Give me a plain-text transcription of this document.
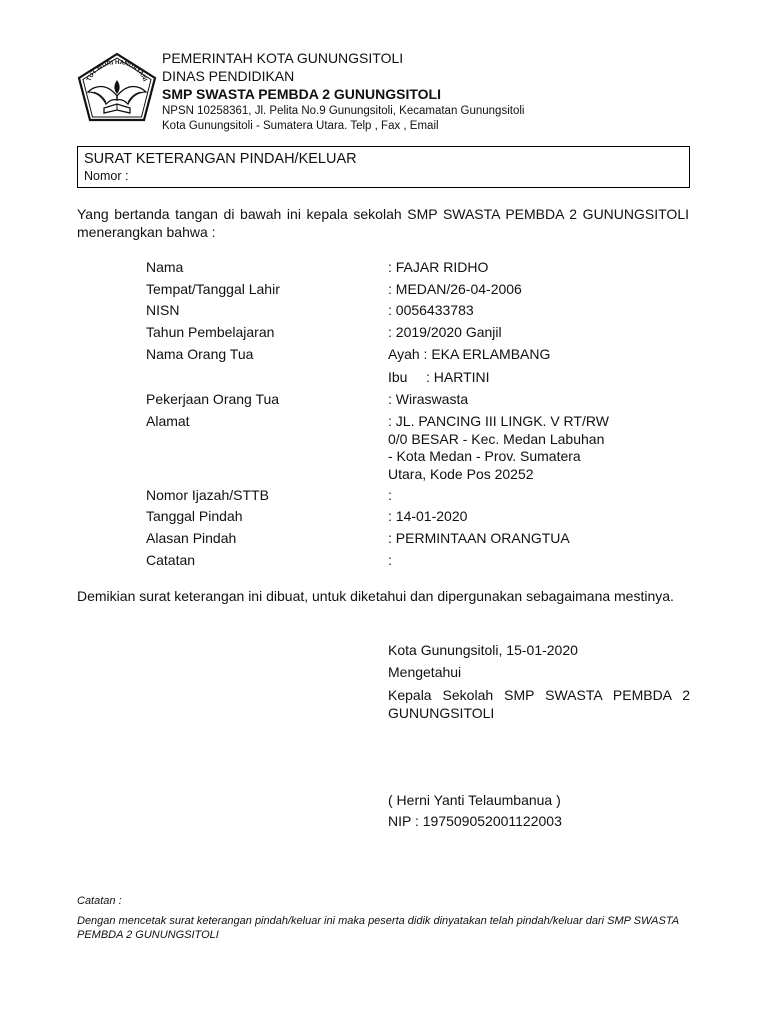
TUT WURI HANDAYANI
PEMERINTAH KOTA GUNUNGSITOLI
DINAS PENDIDIKAN
SMP SWASTA PEMBDA 2 GUNUNGSITOLI
NPSN 10258361, Jl. Pelita No.9 Gunungsitoli, Kecamatan Gunungsitoli
Kota Gunungsitoli - Sumatera Utara. Telp , Fax , Email
SURAT KETERANGAN PINDAH/KELUAR
Nomor :
Yang bertanda tangan di bawah ini kepala sekolah SMP SWASTA PEMBDA 2 GUNUNGSITOLI menerangkan bahwa :
Nama	: FAJAR RIDHO
Tempat/Tanggal Lahir	: MEDAN/26-04-2006
NISN	: 0056433783
Tahun Pembelajaran	: 2019/2020 Ganjil
Nama Orang Tua	Ayah : EKA ERLAMBANG
Ibu : HARTINI
Pekerjaan Orang Tua	: Wiraswasta
Alamat	: JL. PANCING III LINGK. V RT/RW
0/0 BESAR - Kec. Medan Labuhan
- Kota Medan - Prov. Sumatera
Utara, Kode Pos 20252
Nomor Ijazah/STTB	:
Tanggal Pindah	: 14-01-2020
Alasan Pindah	: PERMINTAAN ORANGTUA
Catatan	:
Demikian surat keterangan ini dibuat, untuk diketahui dan dipergunakan sebagaimana mestinya.
Kota Gunungsitoli, 15-01-2020
Mengetahui
Kepala Sekolah SMP SWASTA PEMBDA 2 GUNUNGSITOLI
( Herni Yanti Telaumbanua )
NIP : 197509052001122003
Catatan :
Dengan mencetak surat keterangan pindah/keluar ini maka peserta didik dinyatakan telah pindah/keluar dari SMP SWASTA PEMBDA 2 GUNUNGSITOLI
